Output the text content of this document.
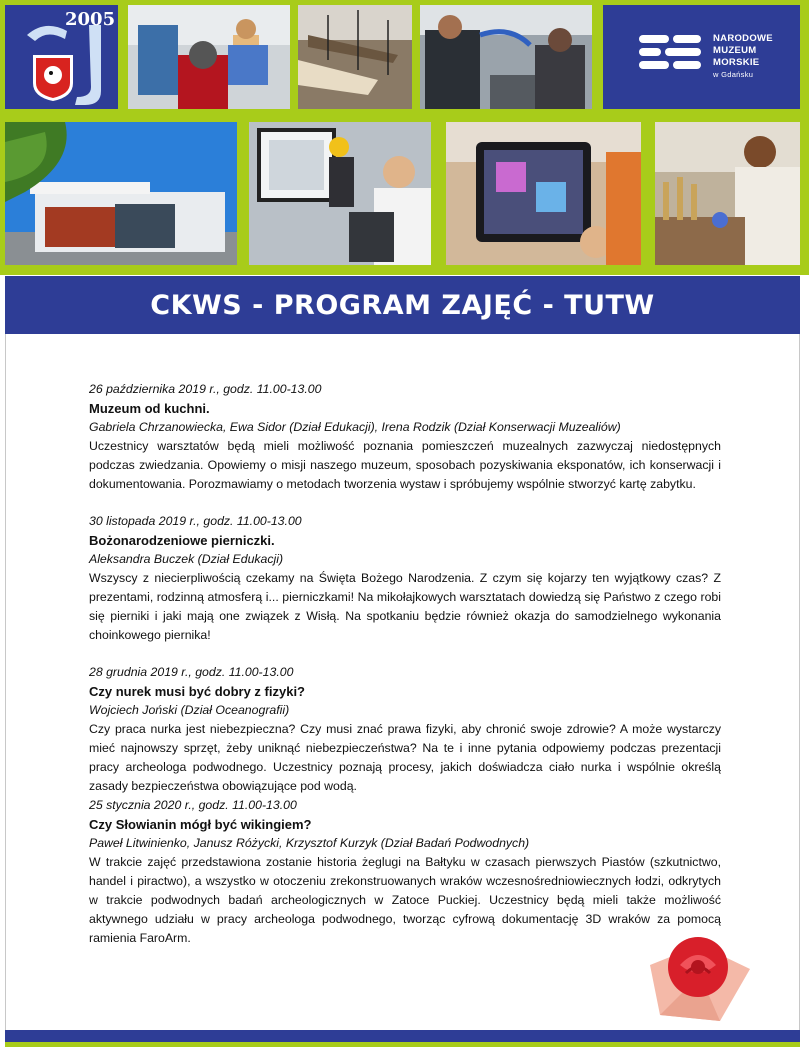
2005
NARODOWE
MUZEUM
MORSKIE
w Gdańsku
CKWS - PROGRAM ZAJĘĆ - TUTW
26 października 2019 r., godz. 11.00-13.00
Muzeum od kuchni.
Gabriela Chrzanowiecka, Ewa Sidor (Dział Edukacji), Irena Rodzik (Dział Konserwacji Muzealiów)
Uczestnicy warsztatów będą mieli możliwość poznania pomieszczeń muzealnych zazwyczaj niedostępnych podczas zwiedzania. Opowiemy o misji naszego muzeum, sposobach pozyskiwania eksponatów, ich konserwacji i dokumentowania. Porozmawiamy o metodach tworzenia wystaw i spróbujemy wspólnie stworzyć kartę zabytku.
30 listopada 2019 r., godz. 11.00-13.00
Bożonarodzeniowe pierniczki.
Aleksandra Buczek (Dział Edukacji)
Wszyscy z niecierpliwością czekamy na Święta Bożego Narodzenia. Z czym się kojarzy ten wyjątkowy czas? Z prezentami, rodzinną atmosferą i... pierniczkami! Na mikołajkowych warsztatach dowiedzą się Państwo z czego robi się pierniki i jaki mają one związek z Wisłą. Na spotkaniu będzie również okazja do samodzielnego wykonania choinkowego piernika!
28 grudnia 2019 r., godz. 11.00-13.00
Czy nurek musi być dobry z fizyki?
Wojciech Joński (Dział Oceanografii)
Czy praca nurka jest niebezpieczna? Czy musi znać prawa fizyki, aby chronić swoje zdrowie? A może wystarczy mieć najnowszy sprzęt, żeby uniknąć niebezpieczeństwa? Na te i inne pytania odpowiemy podczas prezentacji pracy archeologa podwodnego. Uczestnicy poznają procesy, jakich doświadcza ciało nurka i wspólnie określą zasady bezpieczeństwa obowiązujące pod wodą.
25 stycznia 2020 r., godz. 11.00-13.00
Czy Słowianin mógł być wikingiem?
Paweł Litwinienko, Janusz Różycki, Krzysztof Kurzyk (Dział Badań Podwodnych)
W trakcie zajęć przedstawiona zostanie historia żeglugi na Bałtyku w czasach pierwszych Piastów (szkutnictwo, handel i piractwo), a wszystko w otoczeniu zrekonstruowanych wraków wczesnośredniowiecznych łodzi, odkrytych w trakcie podwodnych badań archeologicznych w Zatoce Puckiej. Uczestnicy będą mieli także możliwość aktywnego udziału w pracy archeologa podwodnego, tworząc cyfrową dokumentację 3D wraków za pomocą ramienia FaroArm.
